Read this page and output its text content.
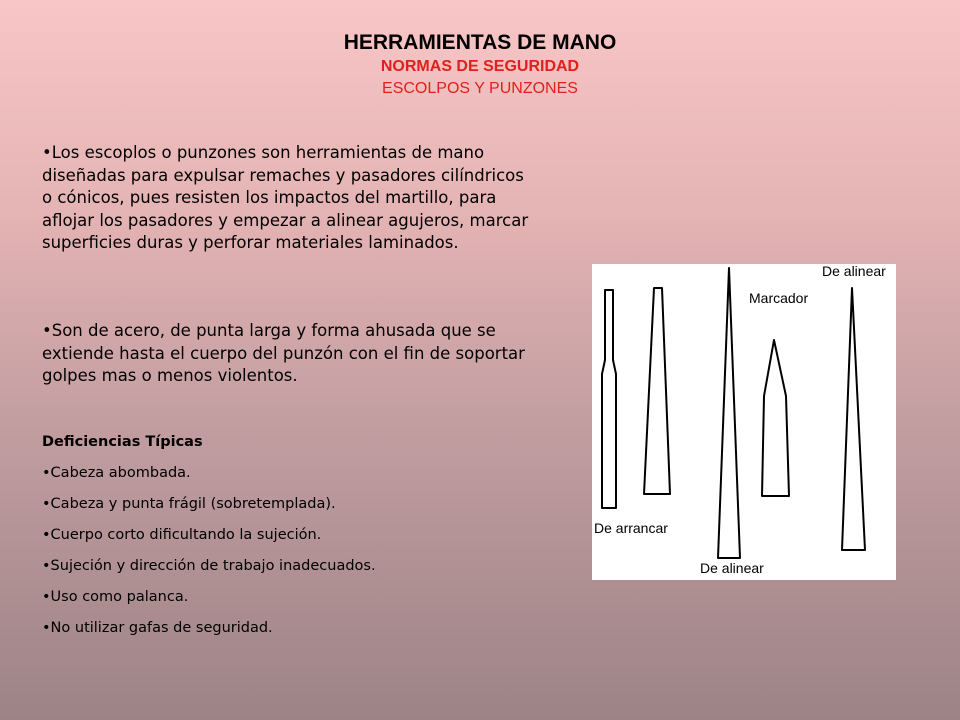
HERRAMIENTAS DE MANO
NORMAS DE SEGURIDAD
ESCOLPOS Y PUNZONES

•Los escoplos o punzones son herramientas de mano diseñadas para expulsar remaches y pasadores cilíndricos o cónicos, pues resisten los impactos del martillo, para aflojar los pasadores y empezar a alinear agujeros, marcar superficies duras y perforar materiales laminados.

•Son de acero, de punta larga y forma ahusada que se extiende hasta el cuerpo del punzón con el fin de soportar golpes mas o menos violentos.

Deficiencias Típicas
•Cabeza abombada.
•Cabeza y punta frágil (sobretemplada).
•Cuerpo corto dificultando la sujeción.
•Sujeción y dirección de trabajo inadecuados.
•Uso como palanca.
•No utilizar gafas de seguridad.
De arrancar
De alinear
Marcador
De alinear
